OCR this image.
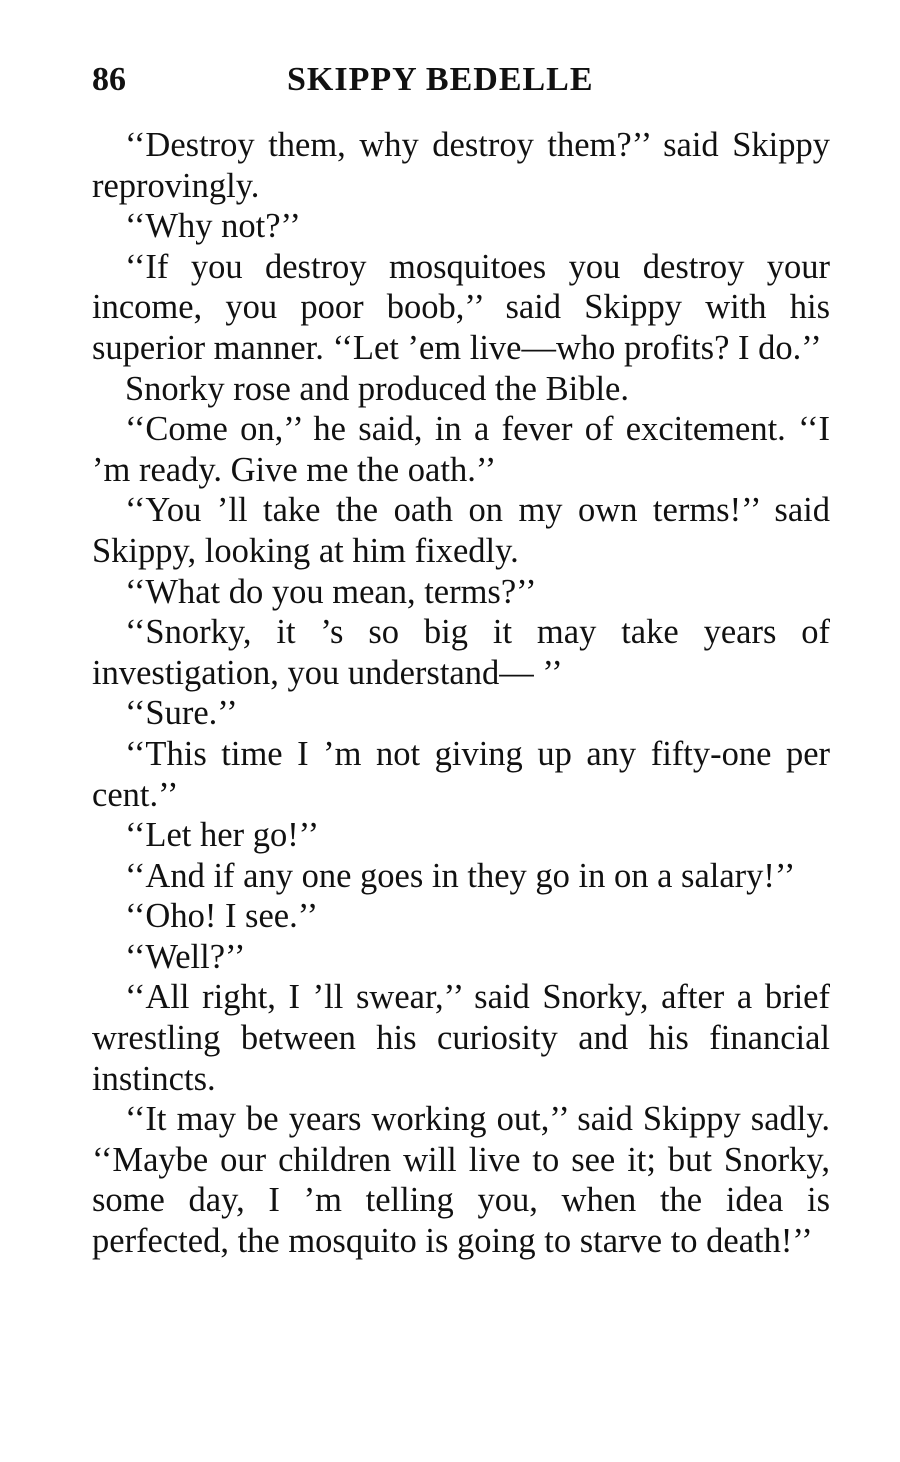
86	SKIPPY BEDELLE

‘‘Destroy them, why destroy them?’’ said Skippy reprovingly.

‘‘Why not?’’

‘‘If you destroy mosquitoes you destroy your income, you poor boob,’’ said Skippy with his superior manner. ‘‘Let ’em live—who profits? I do.’’

Snorky rose and produced the Bible.

‘‘Come on,’’ he said, in a fever of excitement. ‘‘I ’m ready. Give me the oath.’’

‘‘You ’ll take the oath on my own terms!’’ said Skippy, looking at him fixedly.

‘‘What do you mean, terms?’’

‘‘Snorky, it ’s so big it may take years of investigation, you understand— ’’

‘‘Sure.’’

‘‘This time I ’m not giving up any fifty-one per cent.’’

‘‘Let her go!’’

‘‘And if any one goes in they go in on a salary!’’

‘‘Oho! I see.’’

‘‘Well?’’

‘‘All right, I ’ll swear,’’ said Snorky, after a brief wrestling between his curiosity and his financial instincts.

‘‘It may be years working out,’’ said Skippy sadly. ‘‘Maybe our children will live to see it; but Snorky, some day, I ’m telling you, when the idea is perfected, the mosquito is going to starve to death!’’
